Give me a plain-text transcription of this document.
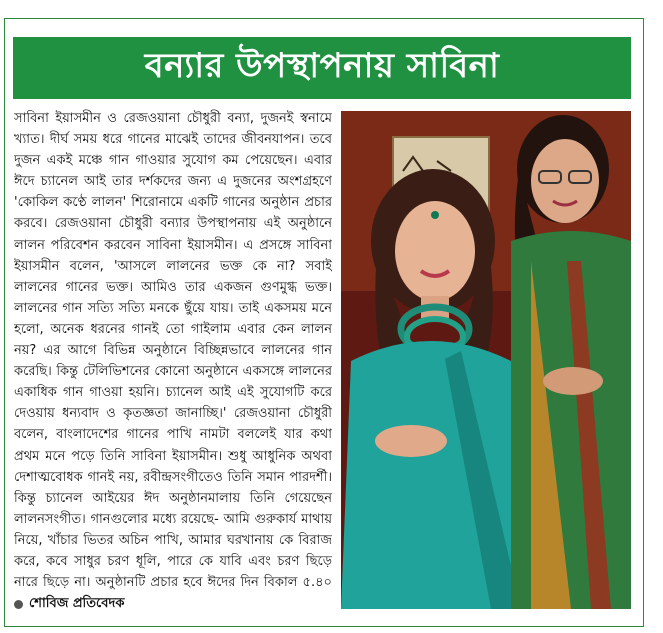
বন্যার উপস্থাপনায় সাবিনা
সাবিনা ইয়াসমীন ও রেজওয়ানা চৌধুরী বন্যা, দুজনই স্বনামে খ্যাত। দীর্ঘ সময় ধরে গানের মাঝেই তাদের জীবনযাপন। তবে দুজন একই মঞ্চে গান গাওয়ার সুযোগ কম পেয়েছেন। এবার ঈদে চ্যানেল আই তার দর্শকদের জন্য এ দুজনের অংশগ্রহণে 'কোকিল কণ্ঠে লালন' শিরোনামে একটি গানের অনুষ্ঠান প্রচার করবে। রেজওয়ানা চৌধুরী বন্যার উপস্থাপনায় এই অনুষ্ঠানে লালন পরিবেশন করবেন সাবিনা ইয়াসমীন। এ প্রসঙ্গে সাবিনা ইয়াসমীন বলেন, 'আসলে লালনের ভক্ত কে না? সবাই লালনের গানের ভক্ত। আমিও তার একজন গুণমুগ্ধ ভক্ত। লালনের গান সত্যি সত্যি মনকে ছুঁয়ে যায়। তাই একসময় মনে হলো, অনেক ধরনের গানই তো গাইলাম এবার কেন লালন নয়? এর আগে বিভিন্ন অনুষ্ঠানে বিচ্ছিন্নভাবে লালনের গান করেছি। কিন্তু টেলিভিশনের কোনো অনুষ্ঠানে একসঙ্গে লালনের একাধিক গান গাওয়া হয়নি। চ্যানেল আই এই সুযোগটি করে দেওয়ায় ধন্যবাদ ও কৃতজ্ঞতা জানাচ্ছি।' রেজওয়ানা চৌধুরী বলেন, বাংলাদেশের গানের পাখি নামটা বললেই যার কথা প্রথম মনে পড়ে তিনি সাবিনা ইয়াসমীন। শুধু আধুনিক অথবা দেশাত্মবোধক গানই নয়, রবীন্দ্রসংগীতেও তিনি সমান পারদর্শী। কিন্তু চ্যানেল আইয়ের ঈদ অনুষ্ঠানমালায় তিনি গেয়েছেন লালনসংগীত। গানগুলোর মধ্যে রয়েছে- আমি গুরুকার্য মাথায় নিয়ে, খাঁচার ভিতর অচিন পাখি, আমার ঘরখানায় কে বিরাজ করে, কবে সাধুর চরণ ধূলি, পারে কে যাবি এবং চরণ ছিড়ে নারে ছিড়ে না। অনুষ্ঠানটি প্রচার হবে ঈদের দিন বিকাল ৫.৪০
শোবিজ প্রতিবেদক
